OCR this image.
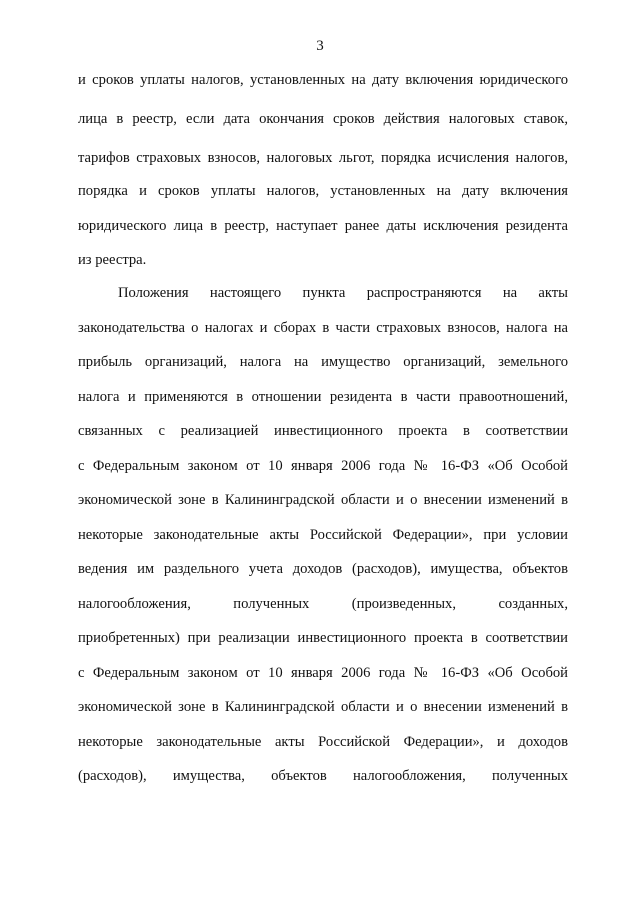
3
и сроков уплаты налогов, установленных на дату включения юридического
лица в реестр, если дата окончания сроков действия налоговых ставок,
тарифов страховых взносов, налоговых льгот, порядка исчисления налогов,
порядка и сроков уплаты налогов, установленных на дату включения
юридического лица в реестр, наступает ранее даты исключения резидента
из реестра.
Положения настоящего пункта распространяются на акты
законодательства о налогах и сборах в части страховых взносов, налога на
прибыль организаций, налога на имущество организаций, земельного
налога и применяются в отношении резидента в части правоотношений,
связанных с реализацией инвестиционного проекта в соответствии
с Федеральным законом от 10 января 2006 года № 16-ФЗ «Об Особой
экономической зоне в Калининградской области и о внесении изменений в
некоторые законодательные акты Российской Федерации», при условии
ведения им раздельного учета доходов (расходов), имущества, объектов
налогообложения, полученных (произведенных, созданных,
приобретенных) при реализации инвестиционного проекта в соответствии
с Федеральным законом от 10 января 2006 года № 16-ФЗ «Об Особой
экономической зоне в Калининградской области и о внесении изменений в
некоторые законодательные акты Российской Федерации», и доходов
(расходов), имущества, объектов налогообложения, полученных
